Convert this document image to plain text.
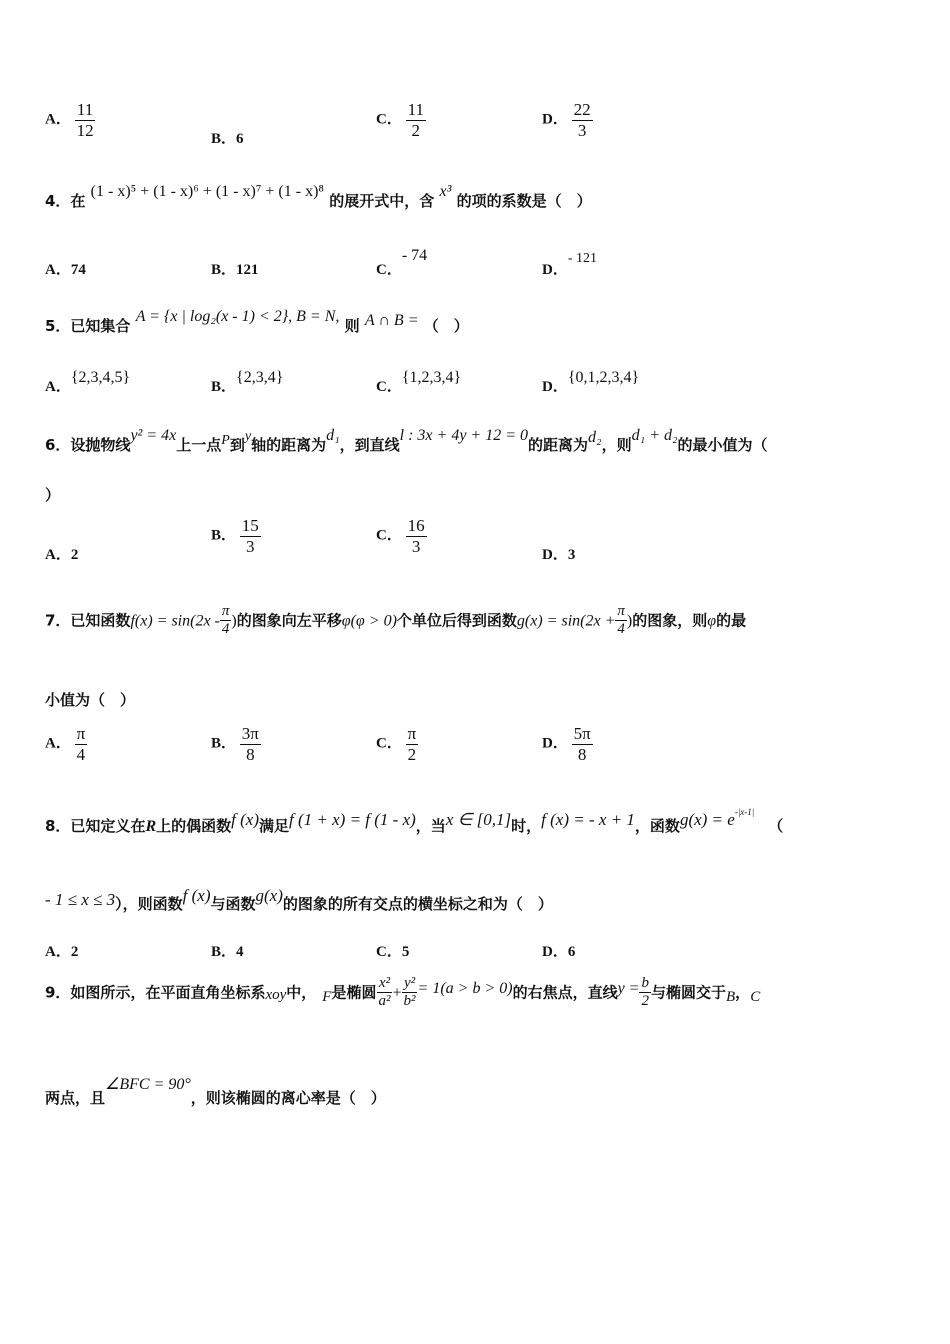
A． $\frac{11}{12}$	B．6
C． $\frac{11}{2}$	D． $\frac{22}{3}$
4．在 (1 - x)⁵ + (1 - x)⁶ + (1 - x)⁷ + (1 - x)⁸ 的展开式中，含 x³ 的项的系数是（　）
A．74	B．121	C．- 74
D．- 121
5．已知集合 A = {x | log₂(x - 1) < 2}, B = N, 则 A ∩ B = （　）
A．{2,3,4,5}
B．{2,3,4}
C．{1,2,3,4}
D．{0,1,2,3,4}
6．设抛物线y² = 4x上一点P到y轴的距离为d₁，到直线l : 3x + 4y + 12 = 0的距离为d₂，则d₁ + d₂的最小值为（
）
A．2
B． $\frac{15}{3}$	C． $\frac{16}{3}$	D．3
7．已知函数$f(x) = \sin(2x - \frac{\pi}{4}$ )的图象向左平移φ(φ > 0)个单位后得到函数$g(x) = \sin(2x + \frac{\pi}{4}$ )的图象，则φ的最
小值为（　）
A． $\frac{\pi}{4}$	B． $\frac{3\pi}{8}$	C． $\frac{\pi}{2}$	D． $\frac{5\pi}{8}$
8．已知定义在R上的偶函数f (x)满足f (1 + x) = f (1 - x)，当x ∈ [0,1]时，f (x) = - x + 1，函数$g(x) = e^{-|x-1|}$（
- 1 ≤ x ≤ 3），则函数f (x)与函数g(x)的图象的所有交点的横坐标之和为（　）
A．2	B．4	C．5	D．6
9．如图所示，在平面直角坐标系xoy中， F是椭圆 $\frac{\text{x²}}{\text{a²}} + \frac{\text{y²}}{\text{b²}} = 1(a > b > 0)$的右焦点，直线$y = \frac{b}{2}$ 与椭圆交于B，C
两点，且∠BFC = 90°，则该椭圆的离心率是（　）
